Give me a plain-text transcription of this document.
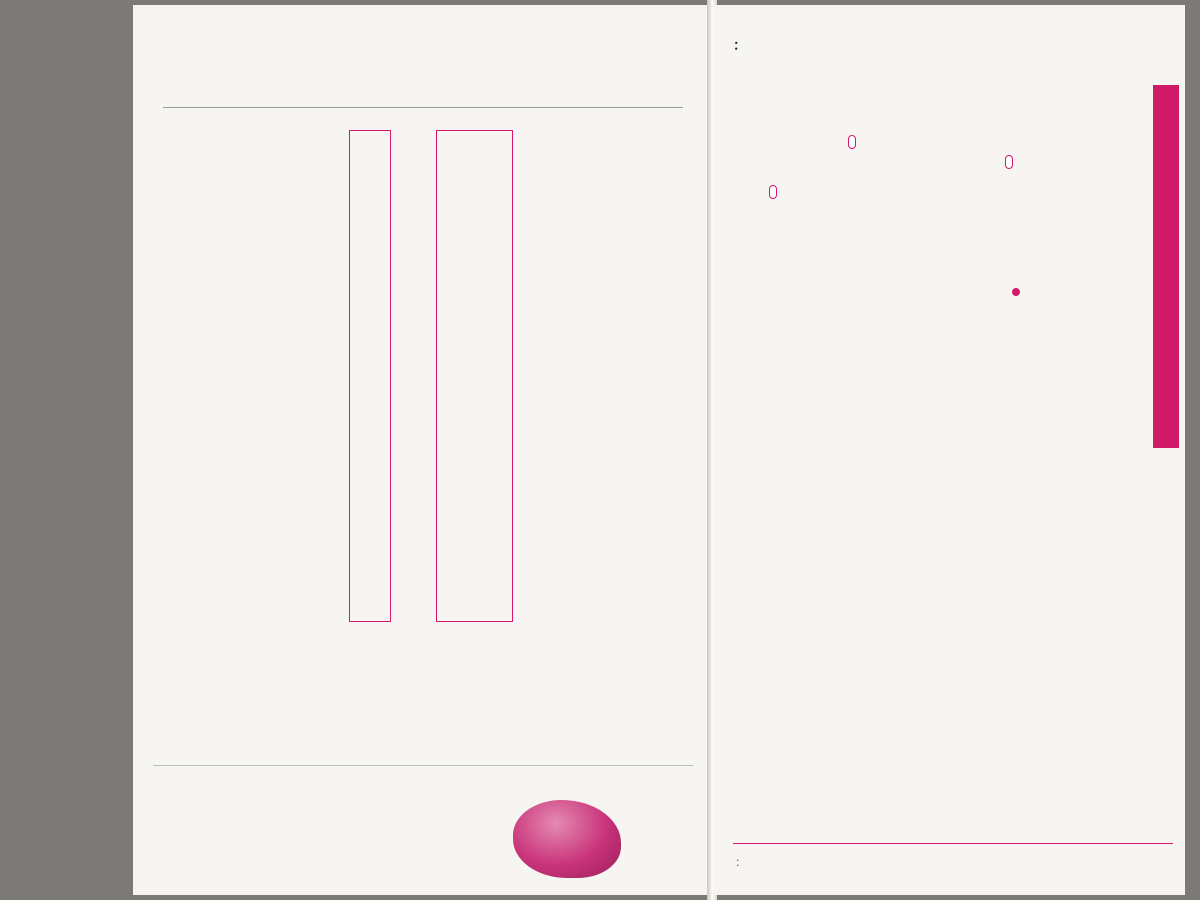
：
：
